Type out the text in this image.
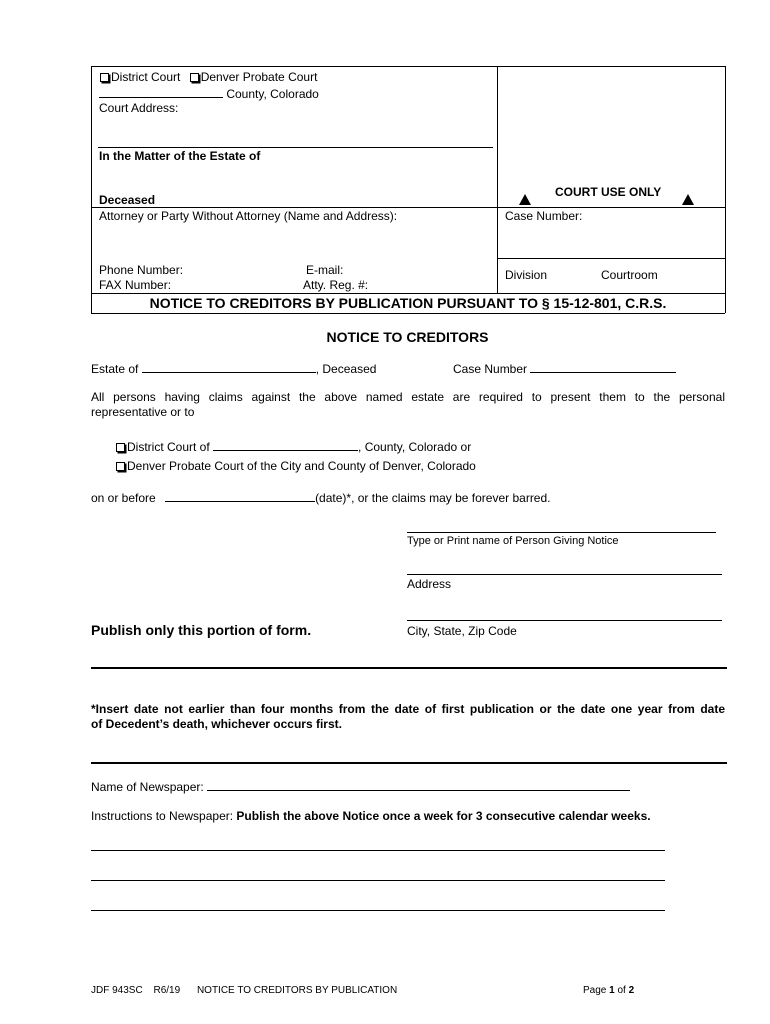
District Court Denver Probate Court
County, Colorado
Court Address:
In the Matter of the Estate of
Deceased
COURT USE ONLY
Attorney or Party Without Attorney (Name and Address):	Case Number:
Phone Number:	E-mail:
FAX Number:	Atty. Reg. #:
Division	Courtroom
NOTICE TO CREDITORS BY PUBLICATION PURSUANT TO § 15-12-801, C.R.S.
NOTICE TO CREDITORS
Estate of	, Deceased	Case Number
All persons having claims against the above named estate are required to present them to the personal
representative or to
District Court of	, County, Colorado or
Denver Probate Court of the City and County of Denver, Colorado
on or before	(date)*, or the claims may be forever barred.
Type or Print name of Person Giving Notice
Address
City, State, Zip Code
Publish only this portion of form.
*Insert date not earlier than four months from the date of first publication or the date one year from date
of Decedent’s death, whichever occurs first.
Name of Newspaper:
Instructions to Newspaper: Publish the above Notice once a week for 3 consecutive calendar weeks.
JDF 943SC R6/19 NOTICE TO CREDITORS BY PUBLICATION	Page 1 of 2
